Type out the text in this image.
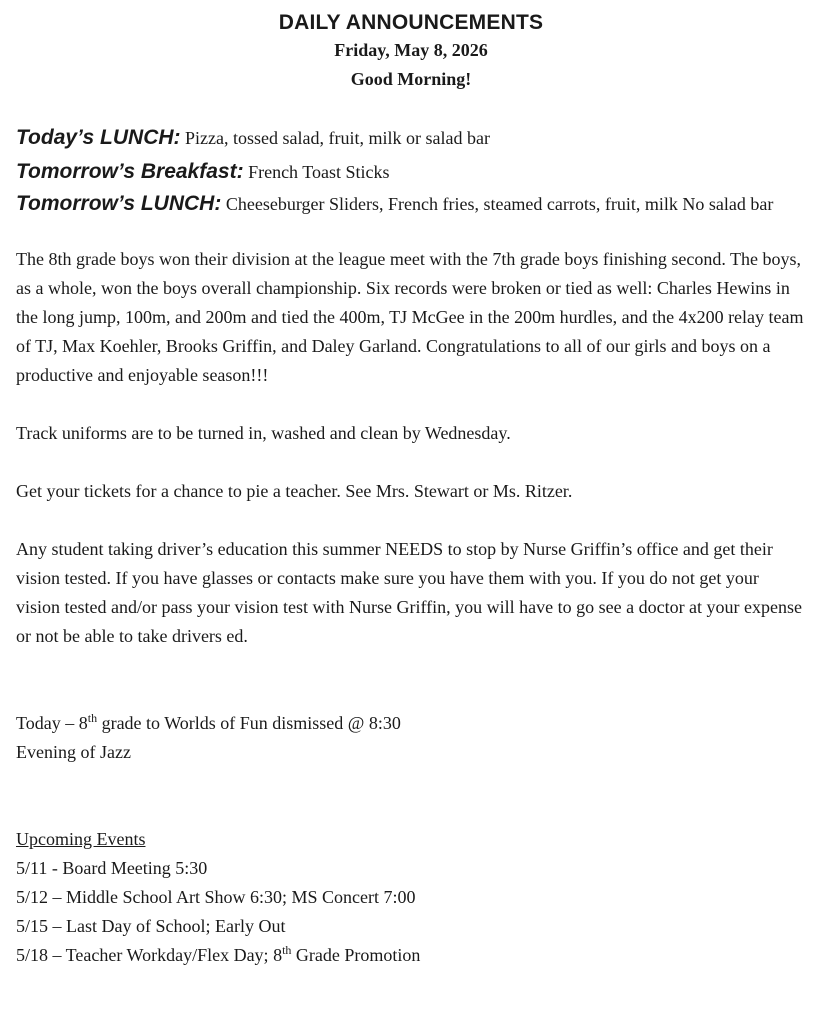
DAILY ANNOUNCEMENTS

Friday, May 8, 2026

Good Morning!

Today’s LUNCH: Pizza, tossed salad, fruit, milk or salad bar

Tomorrow’s Breakfast: French Toast Sticks

Tomorrow’s LUNCH: Cheeseburger Sliders, French fries, steamed carrots, fruit, milk No salad bar

The 8th grade boys won their division at the league meet with the 7th grade boys finishing second. The boys, as a whole, won the boys overall championship. Six records were broken or tied as well: Charles Hewins in the long jump, 100m, and 200m and tied the 400m, TJ McGee in the 200m hurdles, and the 4x200 relay team of TJ, Max Koehler, Brooks Griffin, and Daley Garland. Congratulations to all of our girls and boys on a productive and enjoyable season!!!

Track uniforms are to be turned in, washed and clean by Wednesday.

Get your tickets for a chance to pie a teacher. See Mrs. Stewart or Ms. Ritzer.

Any student taking driver’s education this summer NEEDS to stop by Nurse Griffin’s office and get their vision tested. If you have glasses or contacts make sure you have them with you. If you do not get your vision tested and/or pass your vision test with Nurse Griffin, you will have to go see a doctor at your expense or not be able to take drivers ed.

Today – 8th grade to Worlds of Fun dismissed @ 8:30

Evening of Jazz

Upcoming Events

5/11 - Board Meeting 5:30

5/12 – Middle School Art Show 6:30; MS Concert 7:00

5/15 – Last Day of School; Early Out

5/18 – Teacher Workday/Flex Day; 8th Grade Promotion
